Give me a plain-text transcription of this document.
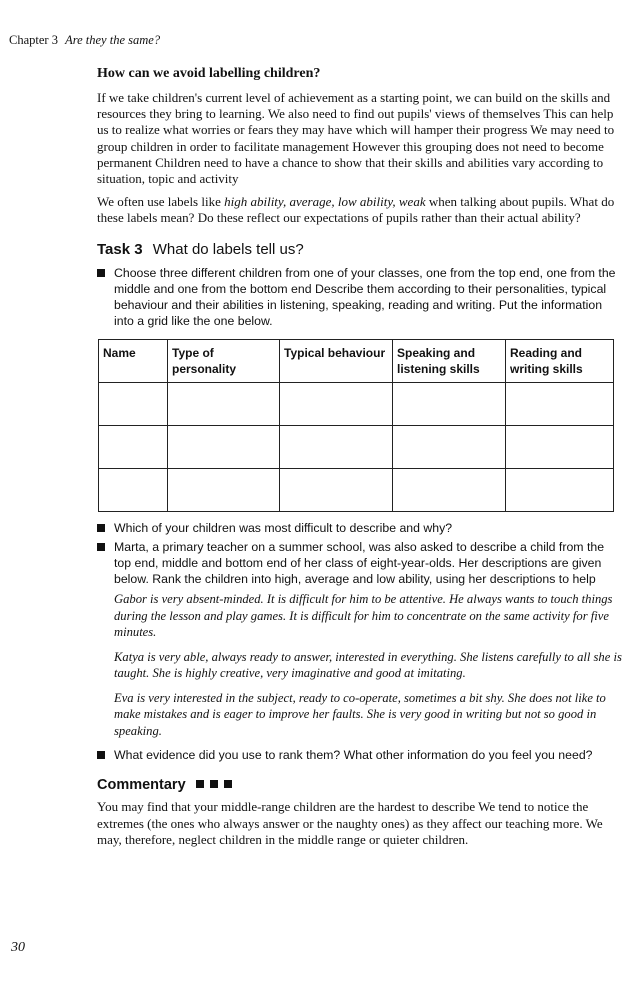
Chapter 3 Are they the same?
How can we avoid labelling children?

If we take children's current level of achievement as a starting point, we can build on the skills and resources they bring to learning. We also need to find out pupils' views of themselves This can help us to realize what worries or fears they may have which will hamper their progress We may need to group children in order to facilitate management However this grouping does not need to become permanent Children need to have a chance to show that their skills and abilities vary according to situation, topic and activity

We often use labels like high ability, average, low ability, weak when talking about pupils. What do these labels mean? Do these reflect our expectations of pupils rather than their actual ability?

Task 3 What do labels tell us?
Choose three different children from one of your classes, one from the top end, one from the middle and one from the bottom end Describe them according to their personalities, typical behaviour and their abilities in listening, speaking, reading and writing. Put the information into a grid like the one below.
Name	Type of personality	Typical behaviour	Speaking and listening skills	Reading and writing skills

Which of your children was most difficult to describe and why?
Marta, a primary teacher on a summer school, was also asked to describe a child from the top end, middle and bottom end of her class of eight-year-olds. Her descriptions are given below. Rank the children into high, average and low ability, using her descriptions to help

Gabor is very absent-minded. It is difficult for him to be attentive. He always wants to touch things during the lesson and play games. It is difficult for him to concentrate on the same activity for five minutes.

Katya is very able, always ready to answer, interested in everything. She listens carefully to all she is taught. She is highly creative, very imaginative and good at imitating.

Eva is very interested in the subject, ready to co-operate, sometimes a bit shy. She does not like to make mistakes and is eager to improve her faults. She is very good in writing but not so good in speaking.

What evidence did you use to rank them? What other information do you feel you need?
Commentary

You may find that your middle-range children are the hardest to describe We tend to notice the extremes (the ones who always answer or the naughty ones) as they affect our teaching more. We may, therefore, neglect children in the middle range or quieter children.

30
